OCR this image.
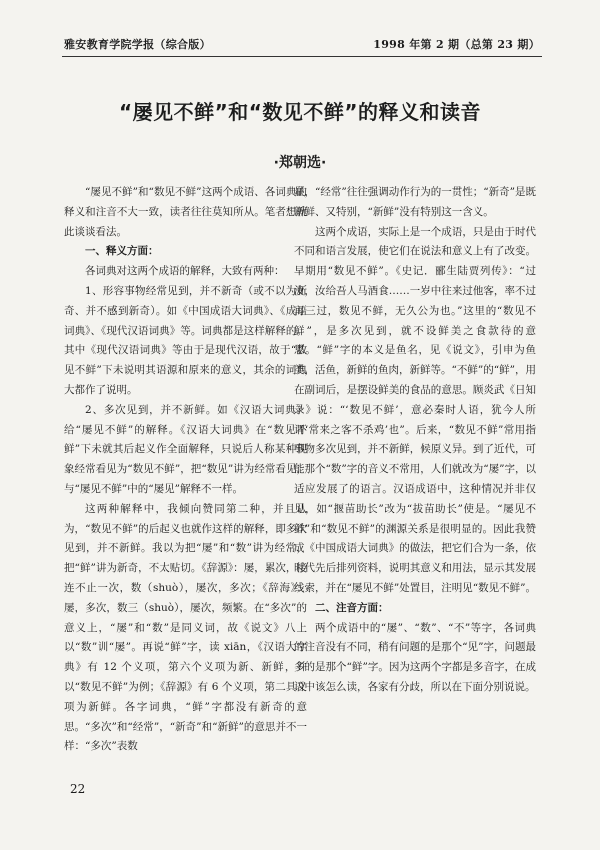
雅安教育学院学报（综合版）	1998 年第 2 期（总第 23 期）
“屡见不鲜”和“数见不鲜”的释义和读音
·郑朝选·

“屡见不鲜”和“数见不鲜”这两个成语、各词典的释义和注音不大一致，读者往往莫知所从。笔者想就此谈谈看法。

一、释义方面：

各词典对这两个成语的解释，大致有两种：

1、形容事物经常见到，并不新奇（或不以为新奇、并不感到新奇）。如《中国成语大词典》、《成语词典》、《现代汉语词典》等。词典都是这样解释的。其中《现代汉语词典》等由于是现代汉语，故于“数见不鲜”下未说明其语源和原来的意义，其余的词典大都作了说明。

2、多次见到，并不新鲜。如《汉语大词典》给“屡见不鲜”的解释。《汉语大词典》在“数见不鲜”下未就其后起义作全面解释，只说后人称某种现象经常看见为“数见不鲜”，把“数见”讲为经常看见，与“屡见不鲜”中的“屡见”解释不一样。

这两种解释中，我倾向赞同第二种，并且认为，“数见不鲜”的后起义也就作这样的解释，即多次见到，并不新鲜。我以为把“屡”和“数”讲为经常，把“鲜”讲为新奇，不太贴切。《辞源》：屡，累次，接连不止一次，数（shuò），屡次，多次；《辞海》：屡，多次，数三（shuò），屡次，频繁。在“多次”的意义上，“屡”和“数”是同义词，故《说文》八上以“数”训“屡”。再说“鲜”字，读 xiān，《汉语大字典》有 12 个义项，第六个义项为新、新鲜，并以“数见不鲜”为例；《辞源》有 6 个义项，第二具义项为新鲜。各字词典，“鲜”字都没有新奇的意思。“多次”和“经常”，“新奇”和“新鲜”的意思并不一样：“多次”表数

量，“经常”往往强调动作行为的一贯性；“新奇”是既新鲜、又特别，“新鲜”没有特别这一含义。

这两个成语，实际上是一个成语，只是由于时代不同和语言发展，使它们在说法和意义上有了改变。早期用“数见不鲜”。《史记．郦生陆贾列传》：“过汝，汝给吾人马酒食……一岁中往来过他客，率不过再三过，数见不鲜，无久公为也。”这里的“数见不鲜”，是多次见到，就不设鲜美之食款待的意思。“鲜”字的本义是鱼名，见《说文》，引申为鱼类，活鱼，新鲜的鱼肉，新鲜等。“不鲜”的“鲜”，用在副词后，是摆设鲜美的食品的意思。顾炎武《日知录》说：“‘数见不鲜’，意必秦时人语，犹今人所谓‘常来之客不杀鸡’也”。后来，“数见不鲜”常用指事物多次见到，并不新鲜，候原义异。到了近代，可能那个“数”字的音义不常用，人们就改为“屡”字，以适应发展了的语言。汉语成语中，这种情况并非仅见，如“揠苗助长”改为“拔苗助长”使是。“屡见不鲜”和“数见不鲜”的渊源关系是很明显的。因此我赞成《中国成语大词典》的做法，把它们合为一条，依时代先后排列资料，说明其意义和用法，显示其发展线索，并在“屡见不鲜”处置目，注明见“数见不鲜”。

二、注音方面：

两个成语中的“屡”、“数”、“不”等字，各词典的注音没有不同，稍有问题的是那个“见”字，问题最多的是那个“鲜”字。因为这两个字都是多音字，在成语中该怎么读，各家有分歧，所以在下面分别说说。

22
